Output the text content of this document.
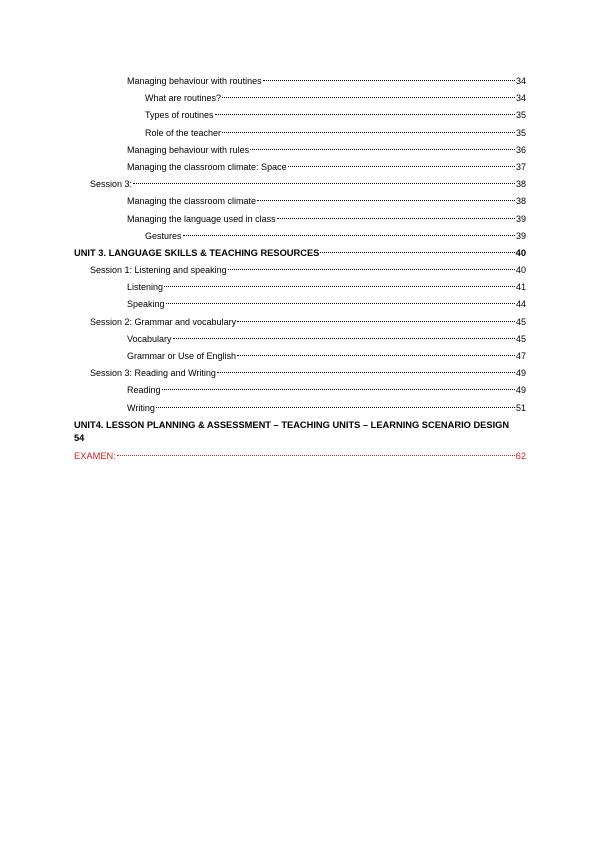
Managing behaviour with routines	34
What are routines?	34
Types of routines	35
Role of the teacher	35
Managing behaviour with rules	36
Managing the classroom climate: Space	37
Session 3:	38
Managing the classroom climate	38
Managing the language used in class	39
Gestures	39
UNIT 3. LANGUAGE SKILLS & TEACHING RESOURCES	40
Session 1: Listening and speaking	40
Listening	41
Speaking	44
Session 2: Grammar and vocabulary	45
Vocabulary	45
Grammar or Use of English	47
Session 3: Reading and Writing	49
Reading	49
Writing	51
UNIT4. LESSON PLANNING & ASSESSMENT – TEACHING UNITS – LEARNING SCENARIO DESIGN
54
EXAMEN:	62
